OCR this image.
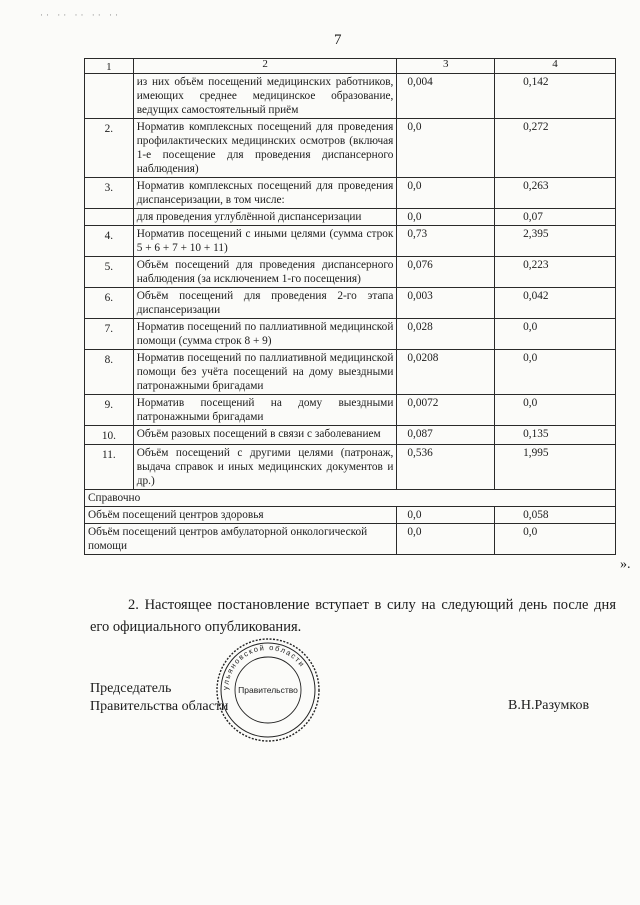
·· ·· ·· ·· ··
7
1	2	3	4
	из них объём посещений медицинских работников, имеющих среднее медицинское образование, ведущих самостоятельный приём	0,004	0,142
2.	Норматив комплексных посещений для проведения профилактических медицинских осмотров (включая 1-е посещение для проведения диспансерного наблюдения)	0,0	0,272
3.	Норматив комплексных посещений для проведения диспансеризации, в том числе:	0,0	0,263
	для проведения углублённой диспансеризации	0,0	0,07
4.	Норматив посещений с иными целями (сумма строк 5 + 6 + 7 + 10 + 11)	0,73	2,395
5.	Объём посещений для проведения диспансерного наблюдения (за исключением 1-го посещения)	0,076	0,223
6.	Объём посещений для проведения 2-го этапа диспансеризации	0,003	0,042
7.	Норматив посещений по паллиативной медицинской помощи (сумма строк 8 + 9)	0,028	0,0
8.	Норматив посещений по паллиативной медицинской помощи без учёта посещений на дому выездными патронажными бригадами	0,0208	0,0
9.	Норматив посещений на дому выездными патронажными бригадами	0,0072	0,0
10.	Объём разовых посещений в связи с заболеванием	0,087	0,135
11.	Объём посещений с другими целями (патронаж, выдача справок и иных медицинских документов и др.)	0,536	1,995
Справочно			
Объём посещений центров здоровья		0,0	0,058
Объём посещений центров амбулаторной онкологической помощи		0,0	0,0
».
2. Настоящее постановление вступает в силу на следующий день после дня его официального опубликования.
Председатель
Правительства области	В.Н.Разумков
ульяновской области
Правительство
